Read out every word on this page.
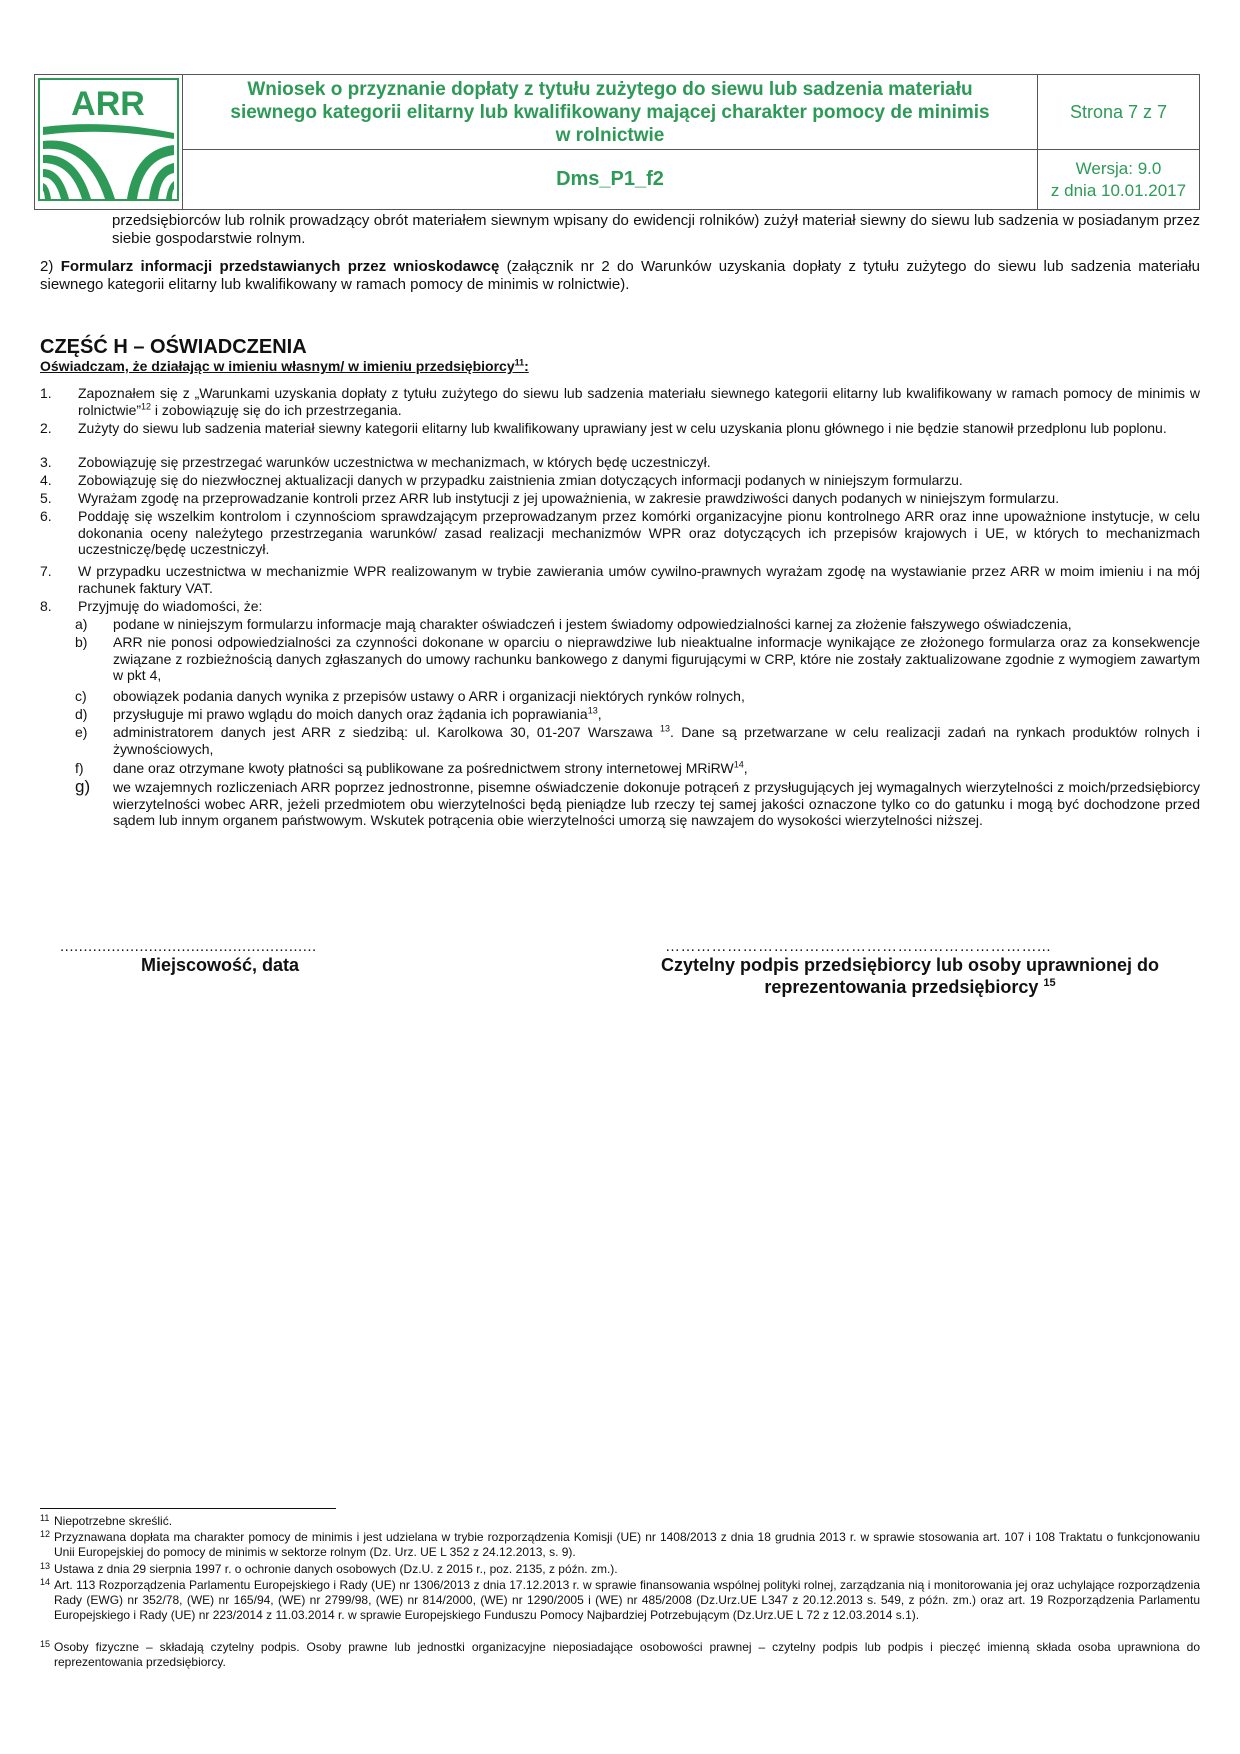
ARR	Wniosek o przyznanie dopłaty z tytułu zużytego do siewu lub sadzenia materiału siewnego kategorii elitarny lub kwalifikowany mającej charakter pomocy de minimis w rolnictwie	Strona 7 z 7
	Dms_P1_f2	Wersja: 9.0
z dnia 10.01.2017
przedsiębiorców lub rolnik prowadzący obrót materiałem siewnym wpisany do ewidencji rolników) zużył materiał siewny do siewu lub sadzenia w posiadanym przez siebie gospodarstwie rolnym.
2) Formularz informacji przedstawianych przez wnioskodawcę (załącznik nr 2 do Warunków uzyskania dopłaty z tytułu zużytego do siewu lub sadzenia materiału siewnego kategorii elitarny lub kwalifikowany w ramach pomocy de minimis w rolnictwie).
CZĘŚĆ H – OŚWIADCZENIA
Oświadczam, że działając w imieniu własnym/ w imieniu przedsiębiorcy$^{11}$:
1. Zapoznałem się z „Warunkami uzyskania dopłaty z tytułu zużytego do siewu lub sadzenia materiału siewnego kategorii elitarny lub kwalifikowany w ramach pomocy de minimis w rolnictwie”$^{12}$ i zobowiązuję się do ich przestrzegania.
2. Zużyty do siewu lub sadzenia materiał siewny kategorii elitarny lub kwalifikowany uprawiany jest w celu uzyskania plonu głównego i nie będzie stanowił przedplonu lub poplonu.
3. Zobowiązuję się przestrzegać warunków uczestnictwa w mechanizmach, w których będę uczestniczył.
4. Zobowiązuję się do niezwłocznej aktualizacji danych w przypadku zaistnienia zmian dotyczących informacji podanych w niniejszym formularzu.
5. Wyrażam zgodę na przeprowadzanie kontroli przez ARR lub instytucji z jej upoważnienia, w zakresie prawdziwości danych podanych w niniejszym formularzu.
6. Poddaję się wszelkim kontrolom i czynnościom sprawdzającym przeprowadzanym przez komórki organizacyjne pionu kontrolnego ARR oraz inne upoważnione instytucje, w celu dokonania oceny należytego przestrzegania warunków/ zasad realizacji mechanizmów WPR oraz dotyczących ich przepisów krajowych i UE, w których to mechanizmach uczestniczę/będę uczestniczył.
7. W przypadku uczestnictwa w mechanizmie WPR realizowanym w trybie zawierania umów cywilno-prawnych wyrażam zgodę na wystawianie przez ARR w moim imieniu i na mój rachunek faktury VAT.
8. Przyjmuję do wiadomości, że:
a) podane w niniejszym formularzu informacje mają charakter oświadczeń i jestem świadomy odpowiedzialności karnej za złożenie fałszywego oświadczenia,
b) ARR nie ponosi odpowiedzialności za czynności dokonane w oparciu o nieprawdziwe lub nieaktualne informacje wynikające ze złożonego formularza oraz za konsekwencje związane z rozbieżnością danych zgłaszanych do umowy rachunku bankowego z danymi figurującymi w CRP, które nie zostały zaktualizowane zgodnie z wymogiem zawartym w pkt 4,
c) obowiązek podania danych wynika z przepisów ustawy o ARR i organizacji niektórych rynków rolnych,
d) przysługuje mi prawo wglądu do moich danych oraz żądania ich poprawiania$^{13}$,
e) administratorem danych jest ARR z siedzibą: ul. Karolkowa 30, 01-207 Warszawa $^{13}$. Dane są przetwarzane w celu realizacji zadań na rynkach produktów rolnych i żywnościowych,
f) dane oraz otrzymane kwoty płatności są publikowane za pośrednictwem strony internetowej MRiRW$^{14}$,
g) we wzajemnych rozliczeniach ARR poprzez jednostronne, pisemne oświadczenie dokonuje potrąceń z przysługujących jej wymagalnych wierzytelności z moich/przedsiębiorcy wierzytelności wobec ARR, jeżeli przedmiotem obu wierzytelności będą pieniądze lub rzeczy tej samej jakości oznaczone tylko co do gatunku i mogą być dochodzone przed sądem lub innym organem państwowym. Wskutek potrącenia obie wierzytelności umorzą się nawzajem do wysokości wierzytelności niższej.
.......................................................
Miejscowość, data
………………………………………………………………...
Czytelny podpis przedsiębiorcy lub osoby uprawnionej do
reprezentowania przedsiębiorcy $^{15}$
11 Niepotrzebne skreślić.
12 Przyznawana dopłata ma charakter pomocy de minimis i jest udzielana w trybie rozporządzenia Komisji (UE) nr 1408/2013 z dnia 18 grudnia 2013 r. w sprawie stosowania art. 107 i 108 Traktatu o funkcjonowaniu Unii Europejskiej do pomocy de minimis w sektorze rolnym (Dz. Urz. UE L 352 z 24.12.2013, s. 9).
13 Ustawa z dnia 29 sierpnia 1997 r. o ochronie danych osobowych (Dz.U. z 2015 r., poz. 2135, z późn. zm.).
14 Art. 113 Rozporządzenia Parlamentu Europejskiego i Rady (UE) nr 1306/2013 z dnia 17.12.2013 r. w sprawie finansowania wspólnej polityki rolnej, zarządzania nią i monitorowania jej oraz uchylające rozporządzenia Rady (EWG) nr 352/78, (WE) nr 165/94, (WE) nr 2799/98, (WE) nr 814/2000, (WE) nr 1290/2005 i (WE) nr 485/2008 (Dz.Urz.UE L347 z 20.12.2013 s. 549, z późn. zm.) oraz art. 19 Rozporządzenia Parlamentu Europejskiego i Rady (UE) nr 223/2014 z 11.03.2014 r. w sprawie Europejskiego Funduszu Pomocy Najbardziej Potrzebującym (Dz.Urz.UE L 72 z 12.03.2014 s.1).
15 Osoby fizyczne – składają czytelny podpis. Osoby prawne lub jednostki organizacyjne nieposiadające osobowości prawnej – czytelny podpis lub podpis i pieczęć imienną składa osoba uprawniona do reprezentowania przedsiębiorcy.
